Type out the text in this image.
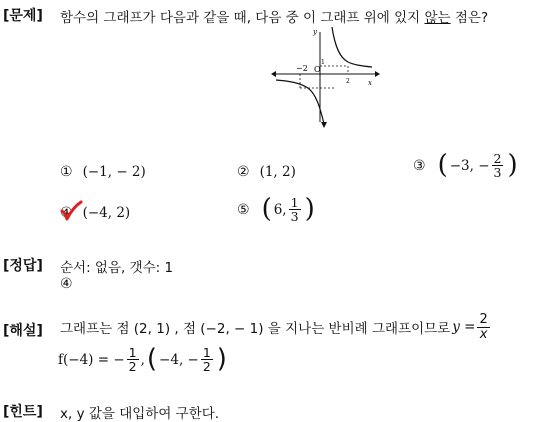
[문제] 함수의 그래프가 다음과 같을 때, 다음 중 이 그래프 위에 있지 않는 점은?
y
x
O
−2
2
1
① (−1, − 2)	② (1, 2)	③ ( −3, − $\frac{2}{3}$ )
④ (−4, 2)	⑤ ( 6, $\frac{1}{3}$ )
[정답] 순서: 없음, 갯수: 1
④
[해설] 그래프는 점 (2, 1) , 점 (−2, − 1) 을 지나는 반비례 그래프이므로 $y = \frac{2}{x}$
f(−4) = − $\frac{1}{2}$ , ( −4, − $\frac{1}{2}$ )
[힌트] x, y 값을 대입하여 구한다.
